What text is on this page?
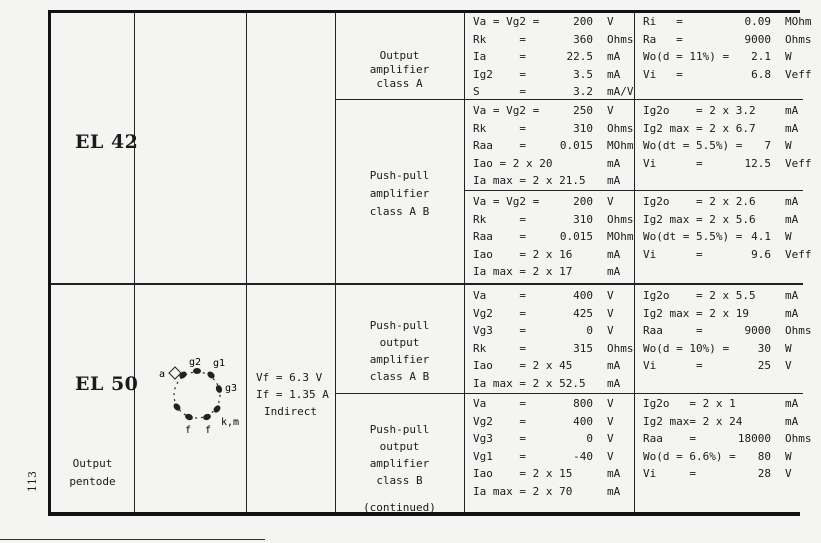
113
EL 42
Output
amplifier
class A
Push-pull
amplifier
class A B
Va = Vg2 =	200 V
Rk     =	360 Ohms
Ia     =	22.5 mA
Ig2    =	3.5 mA
S      =	3.2 mA/V
Ri   =	0.09 MOhm
Ra   =	9000 Ohms
Wo(d = 11%) =	2.1 W
Vi   =	6.8 Veff
Va = Vg2 =	250 V
Rk     =	310 Ohms
Raa    =	0.015 MOhm
Iao = 2 x 20	mA
Ia max = 2 x 21.5 mA
Ig2o    = 2 x 3.2	mA
Ig2 max = 2 x 6.7	mA
Wo(dt = 5.5%) =	7 W
Vi      =	12.5 Veff
Va = Vg2 =	200 V
Rk     =	310 Ohms
Raa    =	0.015 MOhm
Iao    = 2 x 16	mA
Ia max = 2 x 17	mA
Ig2o    = 2 x 2.6	mA
Ig2 max = 2 x 5.6	mA
Wo(dt = 5.5%) = 4.1 W
Vi      =	9.6 Veff
EL 50
Output
pentode
a
g2 g1
g3
k,m
f
f
Vf = 6.3 V
If = 1.35 A
Indirect
Push-pull
output
amplifier
class A B
Push-pull
output
amplifier
class B
(continued)
Va     =	400 V
Vg2    =	425 V
Vg3    =	0 V
Rk     =	315 Ohms
Iao    = 2 x 45	mA
Ia max = 2 x 52.5 mA
Ig2o    = 2 x 5.5	mA
Ig2 max = 2 x 19	mA
Raa     =	9000 Ohms
Wo(d = 10%) =	30 W
Vi      =	25 V
Va     =	800 V
Vg2    =	400 V
Vg3    =	0 V
Vg1    =	-40 V
Iao    = 2 x 15	mA
Ia max = 2 x 70	mA
Ig2o   = 2 x 1	mA
Ig2 max= 2 x 24	mA
Raa    =	18000 Ohms
Wo(d = 6.6%) =	80 W
Vi     =	28 V
